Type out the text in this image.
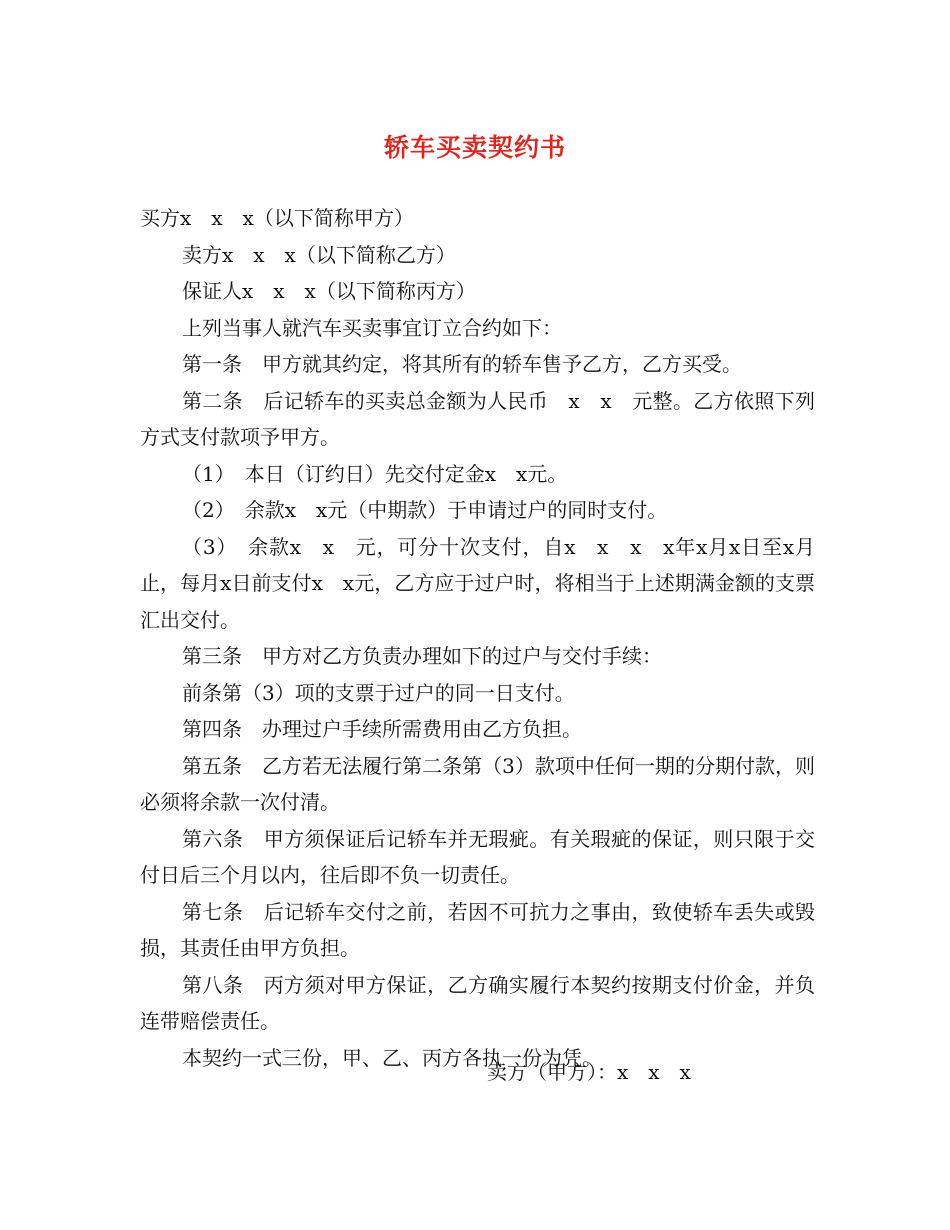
轿车买卖契约书

买方x　x　x（以下简称甲方）

卖方x　x　x（以下简称乙方）

保证人x　x　x（以下简称丙方）

上列当事人就汽车买卖事宜订立合约如下：

第一条　甲方就其约定，将其所有的轿车售予乙方，乙方买受。

第二条　后记轿车的买卖总金额为人民币　x　x　元整。乙方依照下列方式支付款项予甲方。

（1）　本日（订约日）先交付定金x　x元。

（2）　余款x　x元（中期款）于申请过户的同时支付。

（3）　余款x　x　元，可分十次支付，自x　x　x　x年x月x日至x月止，每月x日前支付x　x元，乙方应于过户时，将相当于上述期满金额的支票汇出交付。

第三条　甲方对乙方负责办理如下的过户与交付手续：

前条第（3）项的支票于过户的同一日支付。

第四条　办理过户手续所需费用由乙方负担。

第五条　乙方若无法履行第二条第（3）款项中任何一期的分期付款，则必须将余款一次付清。

第六条　甲方须保证后记轿车并无瑕疵。有关瑕疵的保证，则只限于交付日后三个月以内，往后即不负一切责任。

第七条　后记轿车交付之前，若因不可抗力之事由，致使轿车丢失或毁损，其责任由甲方负担。

第八条　丙方须对甲方保证，乙方确实履行本契约按期支付价金，并负连带赔偿责任。

本契约一式三份，甲、乙、丙方各执一份为凭。

卖方（甲方）：x　x　x
